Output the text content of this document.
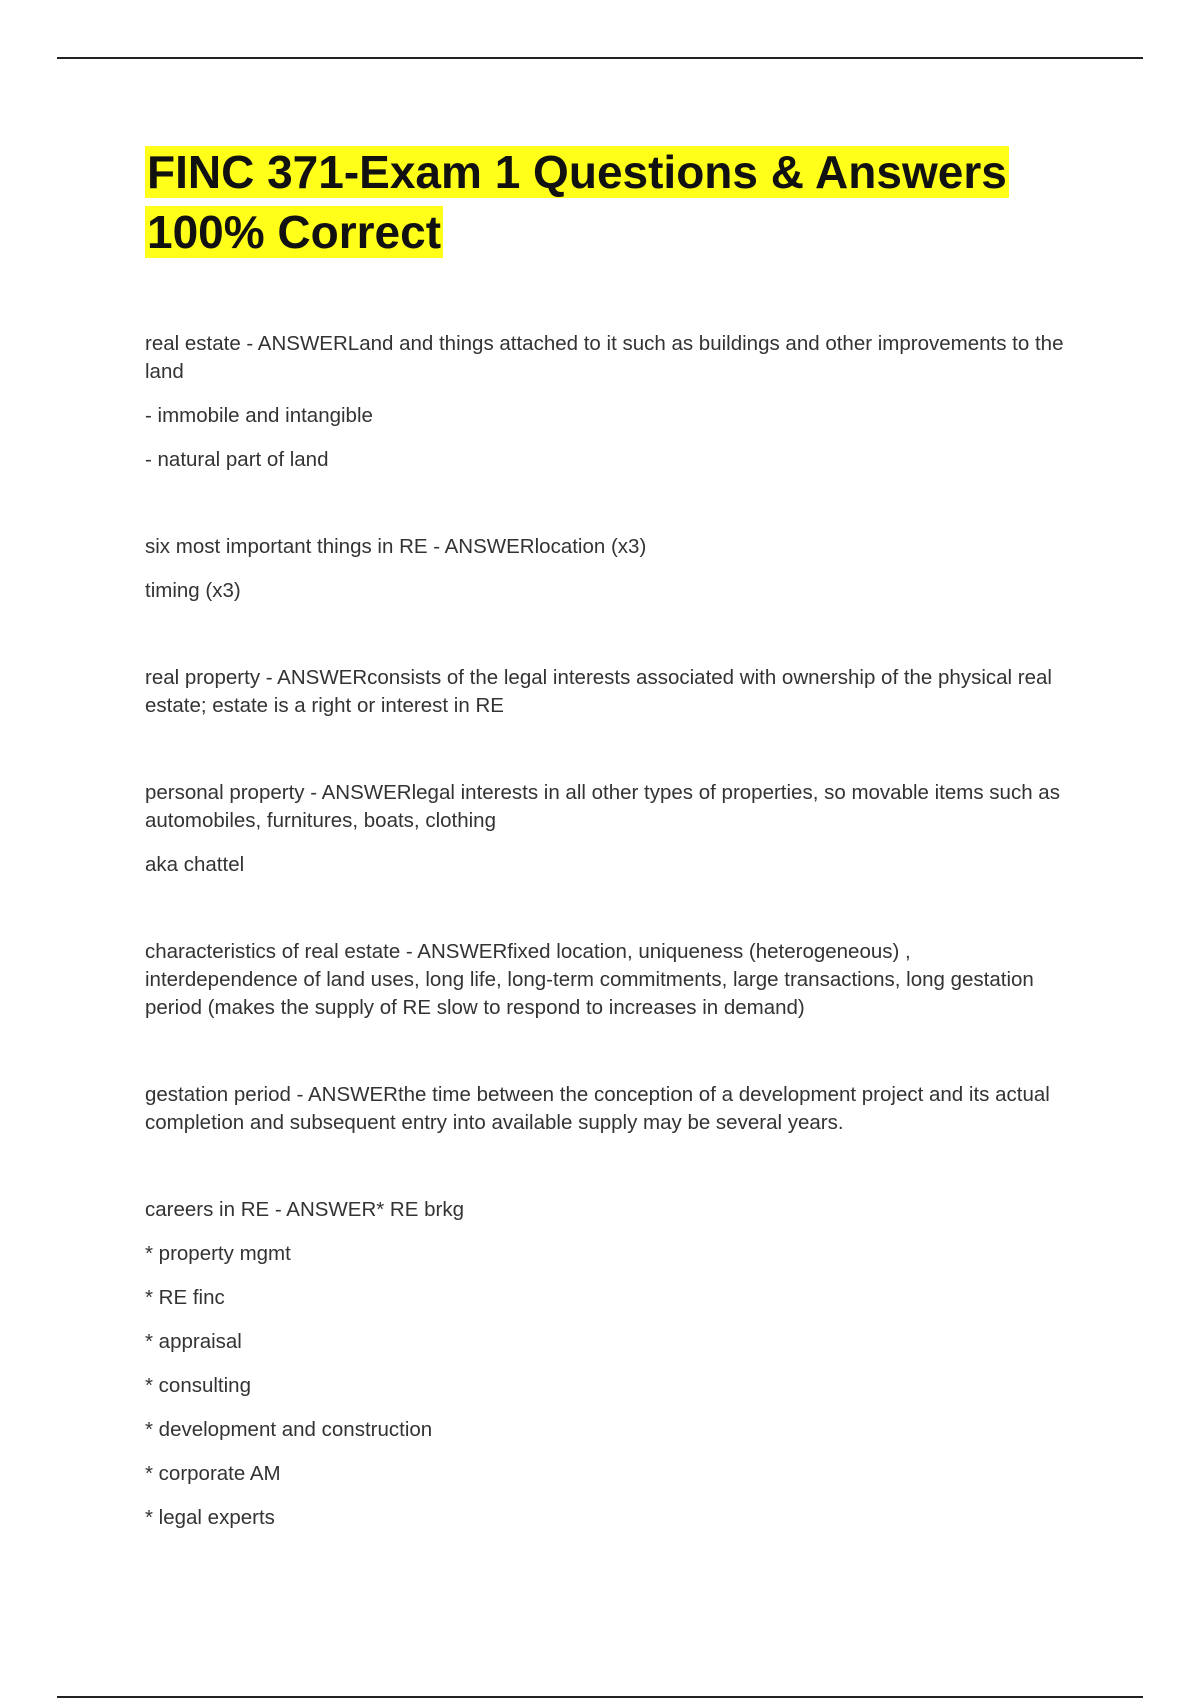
FINC 371-Exam 1 Questions & Answers
100% Correct

real estate - ANSWERLand and things attached to it such as buildings and other improvements to the land

- immobile and intangible

- natural part of land

six most important things in RE - ANSWERlocation (x3)

timing (x3)

real property - ANSWERconsists of the legal interests associated with ownership of the physical real estate; estate is a right or interest in RE

personal property - ANSWERlegal interests in all other types of properties, so movable items such as automobiles, furnitures, boats, clothing

aka chattel

characteristics of real estate - ANSWERfixed location, uniqueness (heterogeneous) , interdependence of land uses, long life, long-term commitments, large transactions, long gestation period (makes the supply of RE slow to respond to increases in demand)

gestation period - ANSWERthe time between the conception of a development project and its actual completion and subsequent entry into available supply may be several years.

careers in RE - ANSWER* RE brkg

* property mgmt

* RE finc

* appraisal

* consulting

* development and construction

* corporate AM

* legal experts
